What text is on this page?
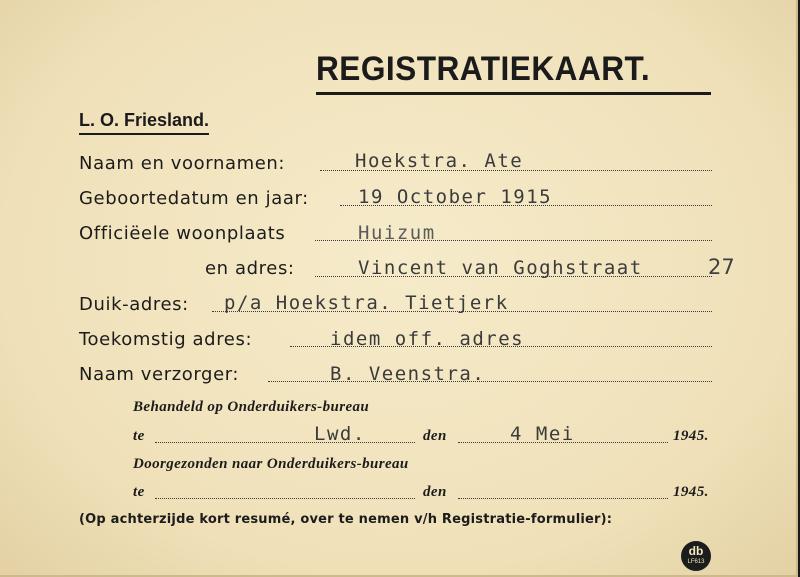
REGISTRATIEKAART.
L. O. Friesland.
Naam en voornamen:	Hoekstra. Ate
Geboortedatum en jaar:	19 October 1915
Officiëele woonplaats	Huizum
en adres:	Vincent van Goghstraat	27
Duik-adres: p/a Hoekstra. Tietjerk
Toekomstig adres:	idem off. adres
Naam verzorger:	B. Veenstra.
Behandeld op Onderduikers-bureau
te	Lwd.	den	4 Mei	1945.
Doorgezonden naar Onderduikers-bureau
te	den	1945.
(Op achterzijde kort resumé, over te nemen v/h Registratie-formulier):
db
LF613
